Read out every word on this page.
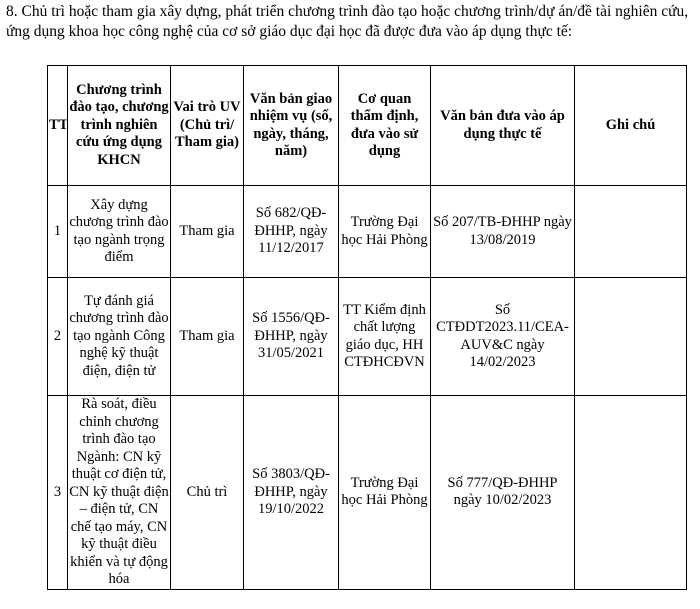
8. Chủ trì hoặc tham gia xây dựng, phát triển chương trình đào tạo hoặc chương trình/dự án/đề tài nghiên cứu, ứng dụng khoa học công nghệ của cơ sở giáo dục đại học đã được đưa vào áp dụng thực tế:

TT	Chương trình đào tạo, chương trình nghiên cứu ứng dụng KHCN	Vai trò UV (Chủ trì/ Tham gia)	Văn bản giao nhiệm vụ (số, ngày, tháng, năm)	Cơ quan thẩm định, đưa vào sử dụng	Văn bản đưa vào áp dụng thực tế	Ghi chú
1	Xây dựng chương trình đào tạo ngành trọng điểm	Tham gia	Số 682/QĐ-ĐHHP, ngày 11/12/2017	Trường Đại học Hải Phòng	Số 207/TB-ĐHHP ngày 13/08/2019	
2	Tự đánh giá chương trình đào tạo ngành Công nghệ kỹ thuật điện, điện tử	Tham gia	Số 1556/QĐ-ĐHHP, ngày 31/05/2021	TT Kiểm định chất lượng giáo dục, HH CTĐHCĐVN	Số CTĐDT2023.11/CEA-AUV&C ngày 14/02/2023	
3	Rà soát, điều chỉnh chương trình đào tạo Ngành: CN kỹ thuật cơ điện tử, CN kỹ thuật điện – điện tử, CN chế tạo máy, CN kỹ thuật điều khiển và tự động hóa	Chủ trì	Số 3803/QĐ-ĐHHP, ngày 19/10/2022	Trường Đại học Hải Phòng	Số 777/QĐ-ĐHHP ngày 10/02/2023	
